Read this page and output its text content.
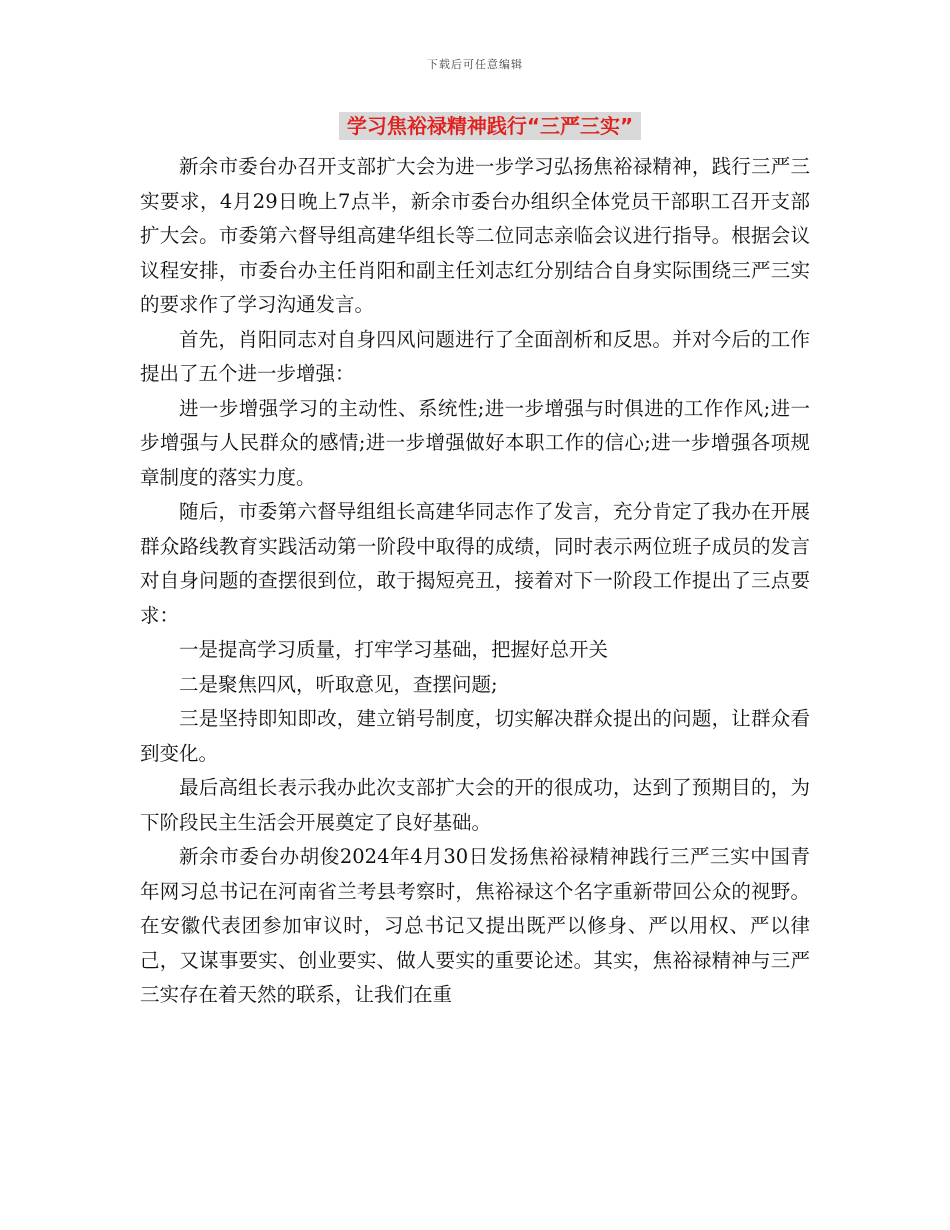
下载后可任意编辑
学习焦裕禄精神践行“三严三实”

新余市委台办召开支部扩大会为进一步学习弘扬焦裕禄精神，践行三严三实要求，4月29日晚上7点半，新余市委台办组织全体党员干部职工召开支部扩大会。市委第六督导组高建华组长等二位同志亲临会议进行指导。根据会议议程安排，市委台办主任肖阳和副主任刘志红分别结合自身实际围绕三严三实的要求作了学习沟通发言。

首先，肖阳同志对自身四风问题进行了全面剖析和反思。并对今后的工作提出了五个进一步增强：

进一步增强学习的主动性、系统性;进一步增强与时俱进的工作作风;进一步增强与人民群众的感情;进一步增强做好本职工作的信心;进一步增强各项规章制度的落实力度。

随后，市委第六督导组组长高建华同志作了发言，充分肯定了我办在开展群众路线教育实践活动第一阶段中取得的成绩，同时表示两位班子成员的发言对自身问题的查摆很到位，敢于揭短亮丑，接着对下一阶段工作提出了三点要求：

一是提高学习质量，打牢学习基础，把握好总开关

二是聚焦四风，听取意见，查摆问题;

三是坚持即知即改，建立销号制度，切实解决群众提出的问题，让群众看到变化。

最后高组长表示我办此次支部扩大会的开的很成功，达到了预期目的，为下阶段民主生活会开展奠定了良好基础。

新余市委台办胡俊2024年4月30日发扬焦裕禄精神践行三严三实中国青年网习总书记在河南省兰考县考察时，焦裕禄这个名字重新带回公众的视野。在安徽代表团参加审议时，习总书记又提出既严以修身、严以用权、严以律己，又谋事要实、创业要实、做人要实的重要论述。其实，焦裕禄精神与三严三实存在着天然的联系，让我们在重
